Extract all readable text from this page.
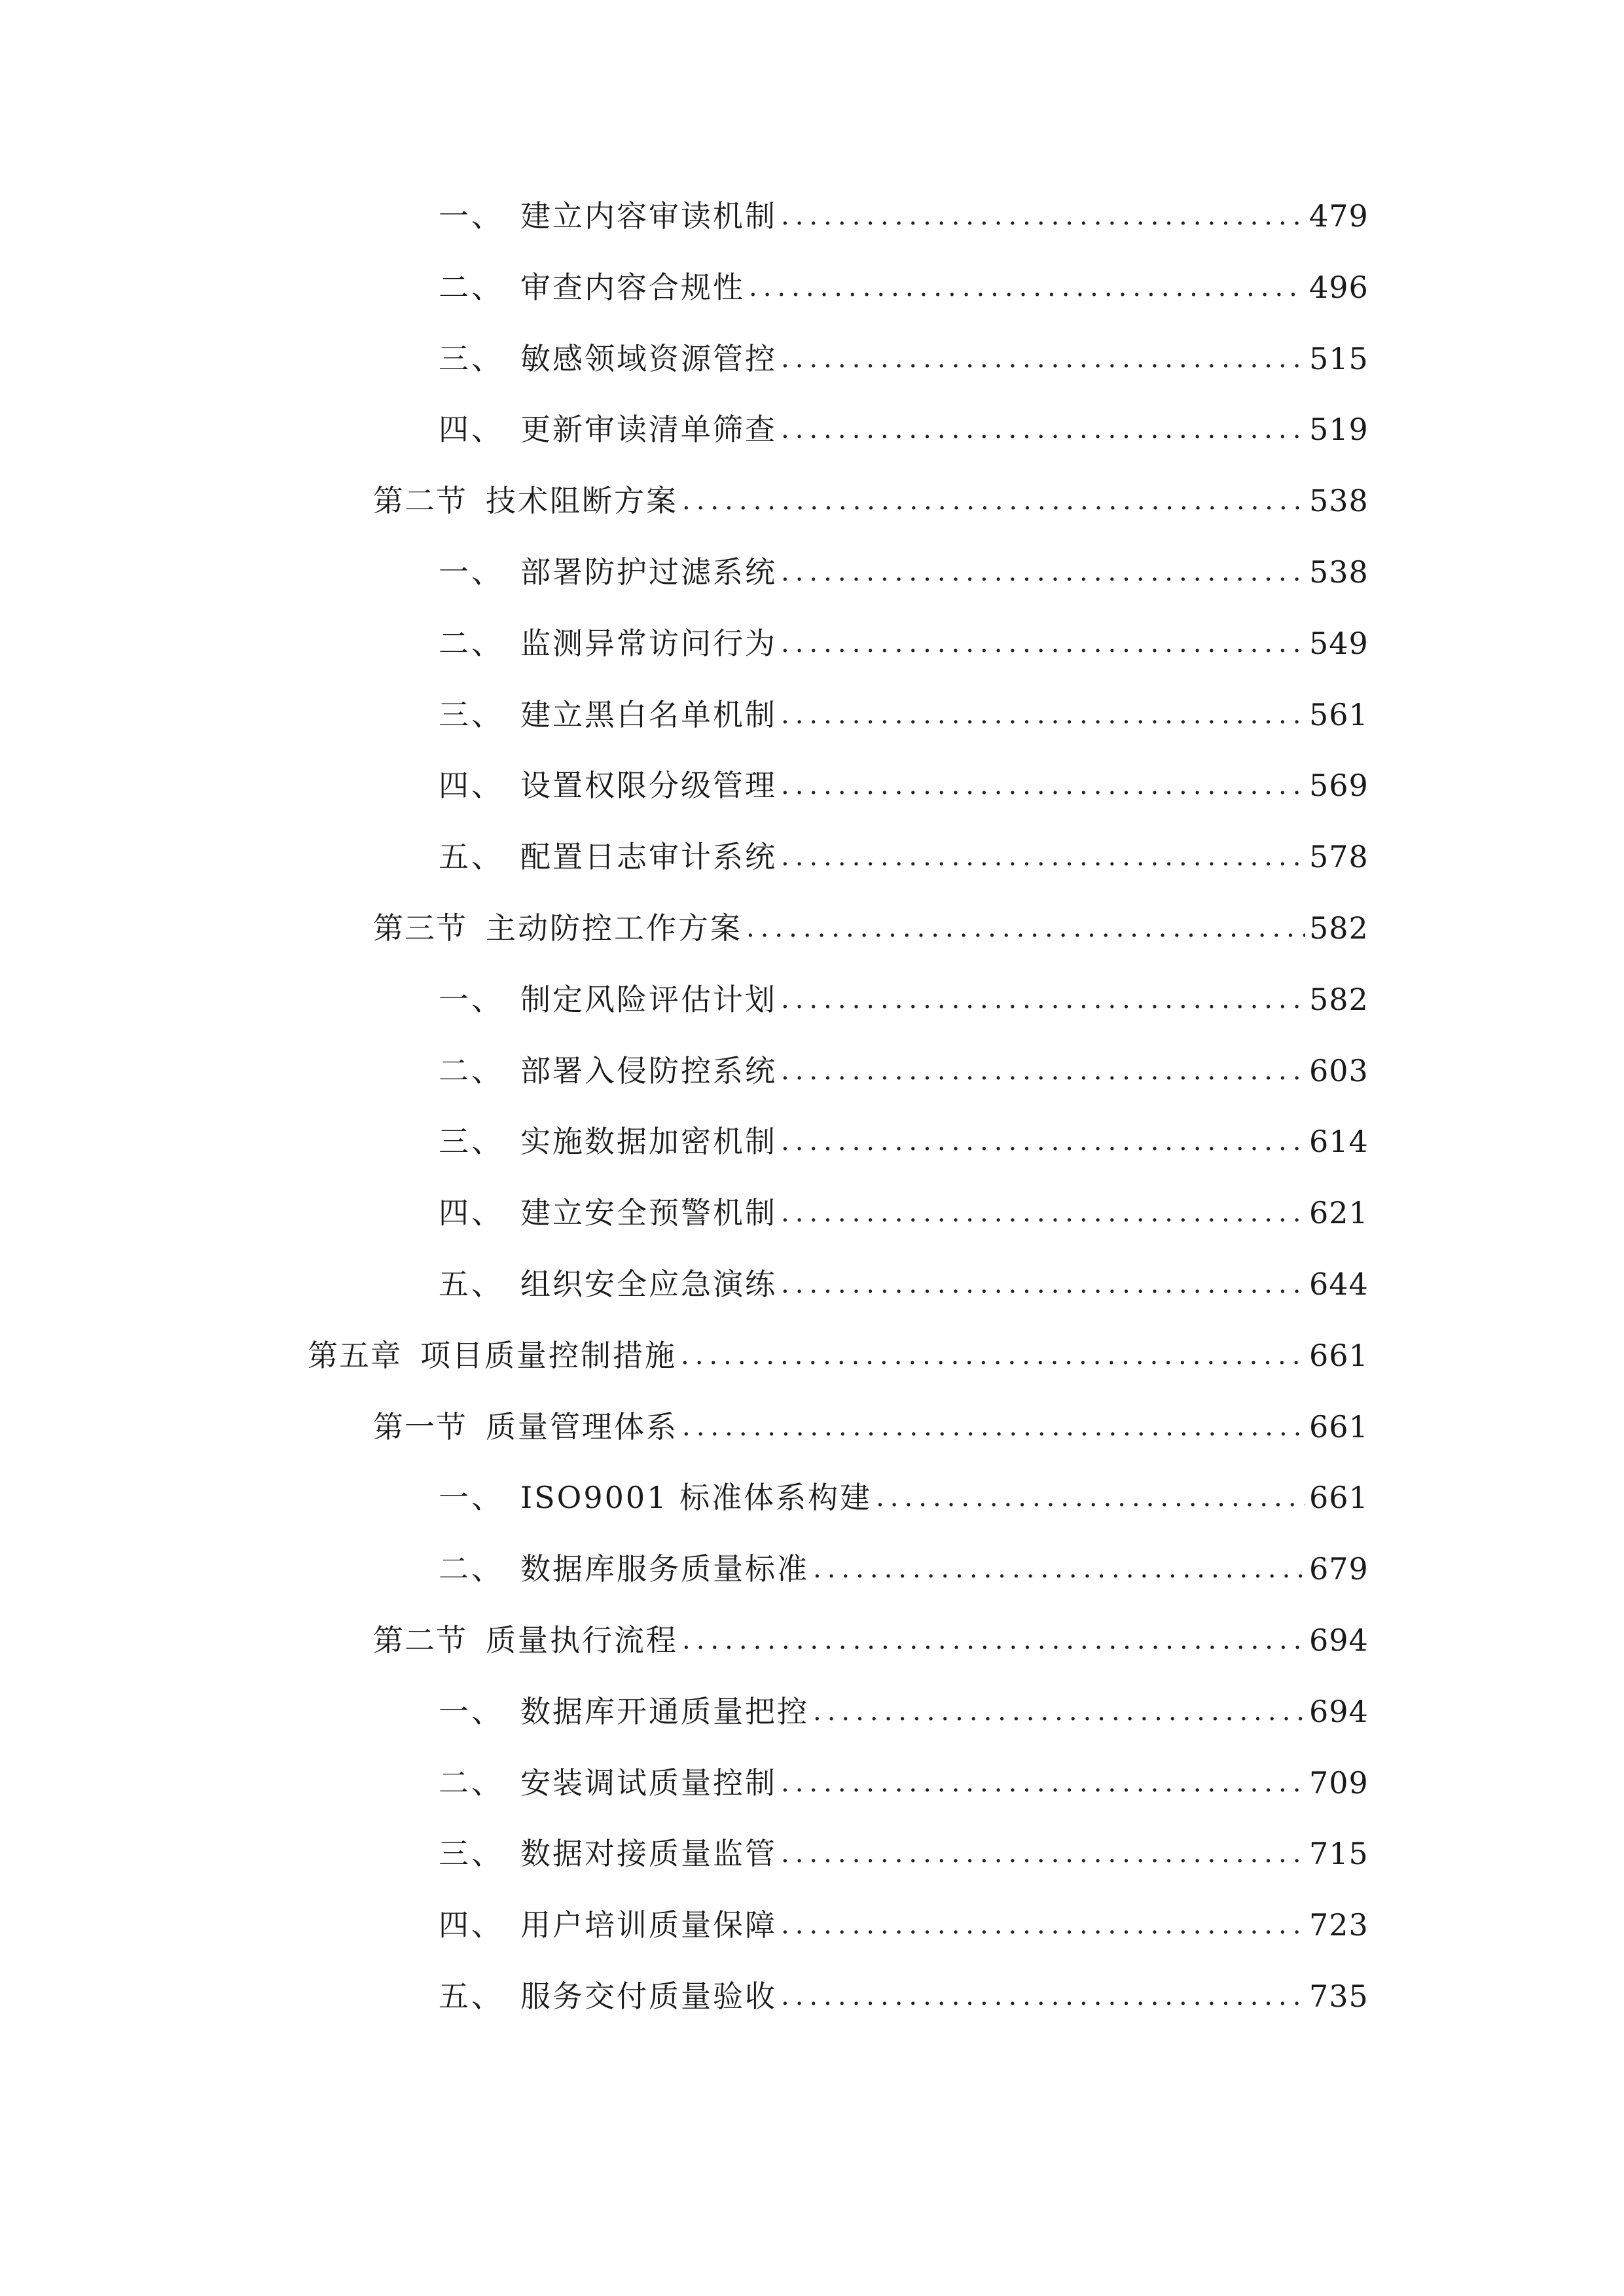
一、 建立内容审读机制 .....	479
二、 审查内容合规性 .....	496
三、 敏感领域资源管控 .....	515
四、 更新审读清单筛查 .....	519
第二节 技术阻断方案 .....	538
一、 部署防护过滤系统 .....	538
二、 监测异常访问行为 .....	549
三、 建立黑白名单机制 .....	561
四、 设置权限分级管理 .....	569
五、 配置日志审计系统 .....	578
第三节 主动防控工作方案 .....	582
一、 制定风险评估计划 .....	582
二、 部署入侵防控系统 .....	603
三、 实施数据加密机制 .....	614
四、 建立安全预警机制 .....	621
五、 组织安全应急演练 .....	644
第五章 项目质量控制措施 .....	661
第一节 质量管理体系 .....	661
一、 ISO9001 标准体系构建 .....	661
二、 数据库服务质量标准 .....	679
第二节 质量执行流程 .....	694
一、 数据库开通质量把控 .....	694
二、 安装调试质量控制 .....	709
三、 数据对接质量监管 .....	715
四、 用户培训质量保障 .....	723
五、 服务交付质量验收 .....	735
